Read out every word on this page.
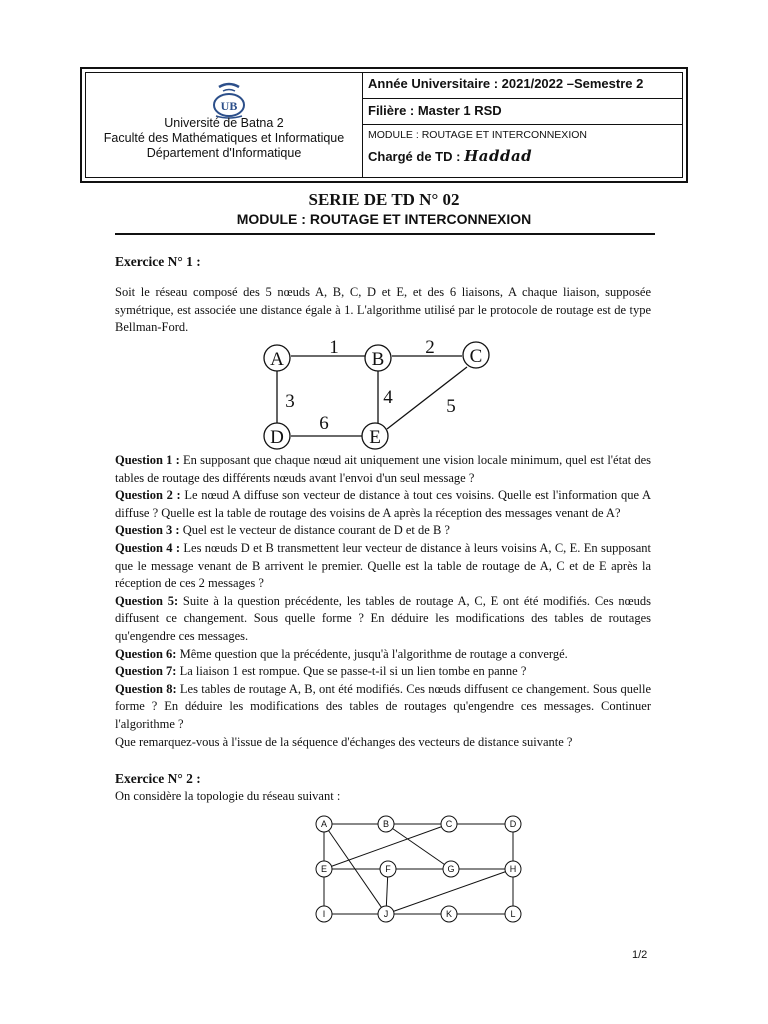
UB
Université de Batna 2
Faculté des Mathématiques et Informatique
Département d'Informatique
Année Universitaire : 2021/2022 –Semestre 2
Filière : Master 1 RSD
MODULE : ROUTAGE ET INTERCONNEXION
Chargé de TD : Haddad
SERIE DE TD N° 02
MODULE : ROUTAGE ET INTERCONNEXION
Exercice N° 1 :
Soit le réseau composé des 5 nœuds A, B, C, D et E, et des 6 liaisons, A chaque liaison, supposée symétrique, est associée une distance égale à 1. L'algorithme utilisé par le protocole de routage est de type Bellman-Ford.
1	2
3	4	5
6
A	B	C
D	E

Question 1 : En supposant que chaque nœud ait uniquement une vision locale minimum, quel est l'état des tables de routage des différents nœuds avant l'envoi d'un seul message ?

Question 2 : Le nœud A diffuse son vecteur de distance à tout ces voisins. Quelle est l'information que A diffuse ? Quelle est la table de routage des voisins de A après la réception des messages venant de A?

Question 3 : Quel est le vecteur de distance courant de D et de B ?

Question 4 : Les nœuds D et B transmettent leur vecteur de distance à leurs voisins A, C, E. En supposant que le message venant de B arrivent le premier. Quelle est la table de routage de A, C et de E après la réception de ces 2 messages ?

Question 5: Suite à la question précédente, les tables de routage A, C, E ont été modifiés. Ces nœuds diffusent ce changement. Sous quelle forme ? En déduire les modifications des tables de routages qu'engendre ces messages.

Question 6: Même question que la précédente, jusqu'à l'algorithme de routage a convergé.

Question 7: La liaison 1 est rompue. Que se passe-t-il si un lien tombe en panne ?

Question 8: Les tables de routage A, B, ont été modifiés. Ces nœuds diffusent ce changement. Sous quelle forme ? En déduire les modifications des tables de routages qu'engendre ces messages. Continuer l'algorithme ?

Que remarquez-vous à l'issue de la séquence d'échanges des vecteurs de distance suivante ?

Exercice N° 2 :
On considère la topologie du réseau suivant :
A	B	C	D
E	F	G	H
I	J	K	L
1/2
